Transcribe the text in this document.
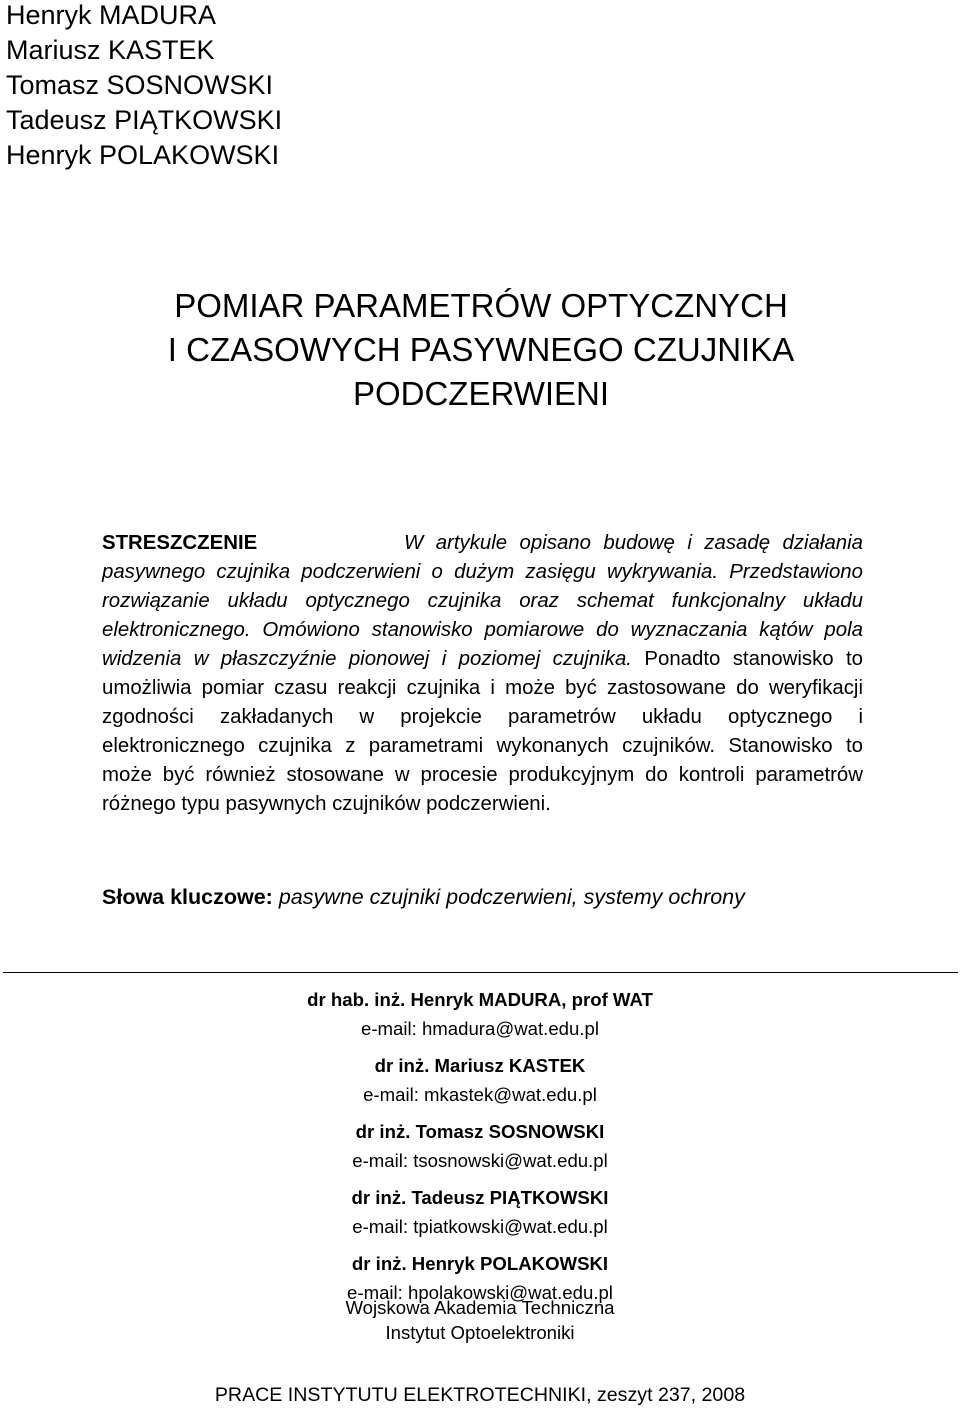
Henryk MADURA
Mariusz KASTEK
Tomasz SOSNOWSKI
Tadeusz PIĄTKOWSKI
Henryk POLAKOWSKI
POMIAR PARAMETRÓW OPTYCZNYCH
I CZASOWYCH PASYWNEGO CZUJNIKA
PODCZERWIENI
STRESZCZENIE	W artykule opisano budowę i zasadę działania pasywnego czujnika podczerwieni o dużym zasięgu wykrywania. Przedstawiono rozwiązanie układu optycznego czujnika oraz schemat funkcjonalny układu elektronicznego. Omówiono stanowisko pomiarowe do wyznaczania kątów pola widzenia w płaszczyźnie pionowej i poziomej czujnika. Ponadto stanowisko to umożliwia pomiar czasu reakcji czujnika i może być zastosowane do weryfikacji zgodności zakładanych w projekcie parametrów układu optycznego i elektronicznego czujnika z parametrami wykonanych czujników. Stanowisko to może być również stosowane w procesie produkcyjnym do kontroli parametrów różnego typu pasywnych czujników podczerwieni.
Słowa kluczowe: pasywne czujniki podczerwieni, systemy ochrony
dr hab. inż. Henryk MADURA, prof WAT
e-mail: hmadura@wat.edu.pl
dr inż. Mariusz KASTEK
e-mail: mkastek@wat.edu.pl
dr inż. Tomasz SOSNOWSKI
e-mail: tsosnowski@wat.edu.pl
dr inż. Tadeusz PIĄTKOWSKI
e-mail: tpiatkowski@wat.edu.pl
dr inż. Henryk POLAKOWSKI
e-mail: hpolakowski@wat.edu.pl
Wojskowa Akademia Techniczna
Instytut Optoelektroniki
PRACE INSTYTUTU ELEKTROTECHNIKI, zeszyt 237, 2008
